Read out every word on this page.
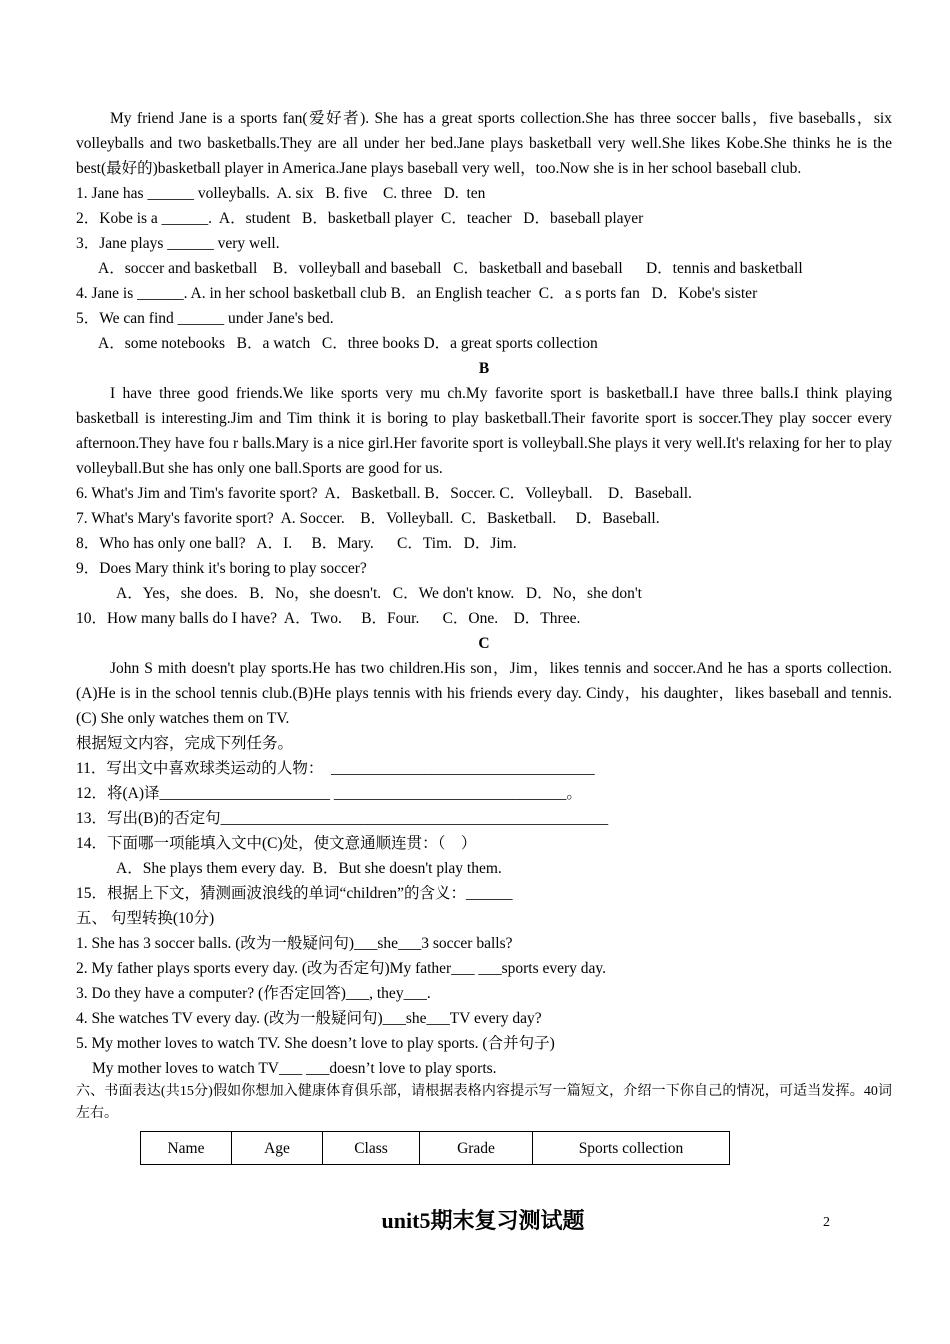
My friend Jane is a sports fan(爱好者). She has a great sports collection.She has three soccer balls，five baseballs，six volleyballs and two basketballs.They are all under her bed.Jane plays basketball very well.She likes Kobe.She thinks he is the best(最好的)basketball player in America.Jane plays baseball very well，too.Now she is in her school baseball club.

1. Jane has ______ volleyballs.  A. six   B. five    C. three   D.  ten

2．Kobe is a ______.  A．student   B．basketball player  C．teacher   D．baseball player

3．Jane plays ______ very well.

A．soccer and basketball    B．volleyball and baseball   C．basketball and baseball      D．tennis and basketball

4. Jane is ______. A. in her school basketball club B．an English teacher  C．a s ports fan   D．Kobe's sister

5．We can find ______ under Jane's bed.

A．some notebooks   B．a watch   C．three books D．a great sports collection

B

I have three good friends.We like sports very mu ch.My favorite sport is basketball.I have three balls.I think playing basketball is interesting.Jim and Tim think it is boring to play basketball.Their favorite sport is soccer.They play soccer every afternoon.They have fou r balls.Mary is a nice girl.Her favorite sport is volleyball.She plays it very well.It's relaxing for her to play volleyball.But she has only one ball.Sports are good for us.

6. What's Jim and Tim's favorite sport?  A．Basketball. B．Soccer. C．Volleyball.    D．Baseball.

7. What's Mary's favorite sport?  A. Soccer.    B．Volleyball.  C．Basketball.     D．Baseball.

8．Who has only one ball?   A．I.     B．Mary.      C．Tim.   D．Jim.

9．Does Mary think it's boring to play soccer?

A．Yes，she does.   B．No，she doesn't.   C．We don't know.   D．No，she don't

10．How many balls do I have?  A．Two.     B．Four.      C．One.    D．Three.

C

John S mith doesn't play sports.He has two children.His son，Jim，likes tennis and soccer.And he has a sports collection.(A)He is in the school tennis club.(B)He plays tennis with his friends every day. Cindy，his daughter，likes baseball and tennis. (C) She only watches them on TV.

根据短文内容，完成下列任务。

11．写出文中喜欢球类运动的人物：  __________________________________

12．将(A)译______________________ ______________________________。

13．写出(B)的否定句__________________________________________________

14．下面哪一项能填入文中(C)处，使文意通顺连贯：（    ）

A．She plays them every day.  B．But she doesn't play them.

15．根据上下文，猜测画波浪线的单词“children”的含义：______

五、 句型转换(10分)

1. She has 3 soccer balls. (改为一般疑问句)___she___3 soccer balls?

2. My father plays sports every day. (改为否定句)My father___ ___sports every day.

3. Do they have a computer? (作否定回答)___, they___.

4. She watches TV every day. (改为一般疑问句)___she___TV every day?

5. My mother loves to watch TV. She doesn’t love to play sports. (合并句子)

My mother loves to watch TV___ ___doesn’t love to play sports.

六、书面表达(共15分)假如你想加入健康体育俱乐部，请根据表格内容提示写一篇短文，介绍一下你自己的情况，可适当发挥。40词左右。

Name	Age	Class	Grade	Sports collection
unit5期末复习测试题	2
